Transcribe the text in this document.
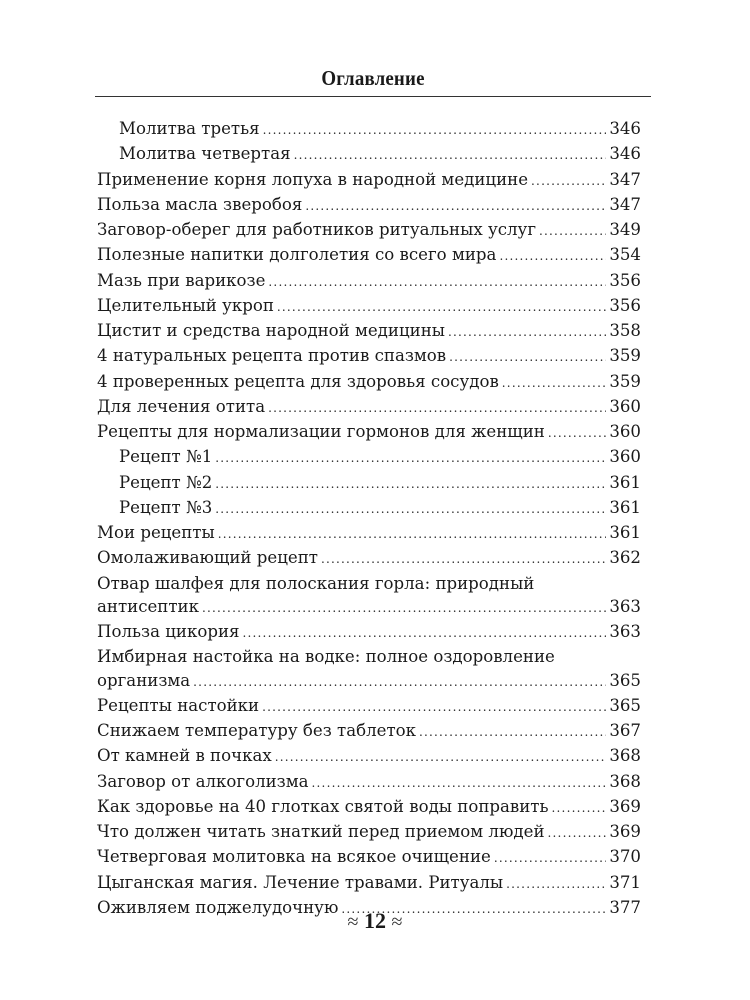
Оглавление
Молитва третья .....	346
Молитва четвертая .....	346
Применение корня лопуха в народной медицине .....	347
Польза масла зверобоя .....	347
Заговор-оберег для работников ритуальных услуг .....	349
Полезные напитки долголетия со всего мира .....	354
Мазь при варикозе .....	356
Целительный укроп .....	356
Цистит и средства народной медицины .....	358
4 натуральных рецепта против спазмов .....	359
4 проверенных рецепта для здоровья сосудов .....	359
Для лечения отита .....	360
Рецепты для нормализации гормонов для женщин .....	360
Рецепт №1 .....	360
Рецепт №2 .....	361
Рецепт №3 .....	361
Мои рецепты .....	361
Омолаживающий рецепт .....	362
Отвар шалфея для полоскания горла: природный
антисептик .....	363
Польза цикория .....	363
Имбирная настойка на водке: полное оздоровление
организма .....	365
Рецепты настойки .....	365
Снижаем температуру без таблеток .....	367
От камней в почках .....	368
Заговор от алкоголизма .....	368
Как здоровье на 40 глотках святой воды поправить .....	369
Что должен читать знаткий перед приемом людей .....	369
Четверговая молитовка на всякое очищение .....	370
Цыганская магия. Лечение травами. Ритуалы .....	371
Оживляем поджелудочную .....	377
≈ 12 ≈
